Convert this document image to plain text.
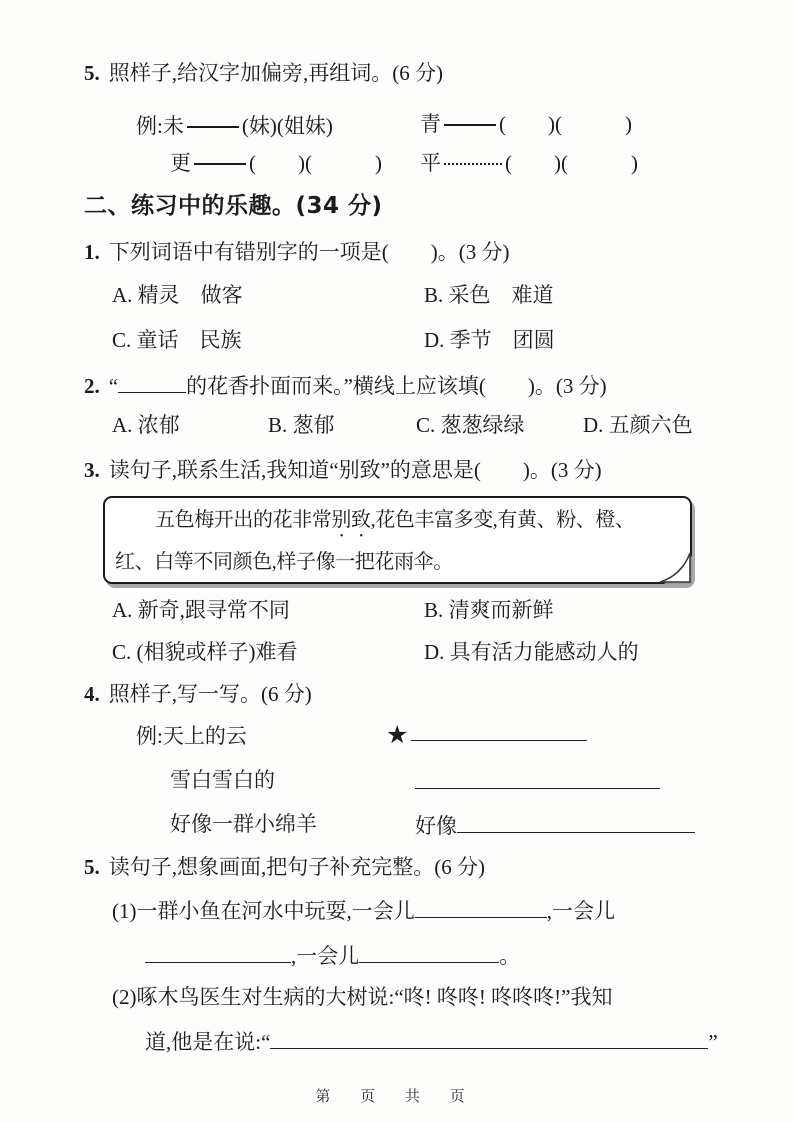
5. 照样子,给汉字加偏旁,再组词。(6 分)
例:未	(妹)(姐妹)	青	(　　)(　　　)
更	(　　)(　　　) 平	(　　)(　　　)
二、练习中的乐趣。(34 分)
1. 下列词语中有错别字的一项是(　　)。(3 分)
A. 精灵　做客	B. 采色　难道
C. 童话　民族	D. 季节　团圆
2. “	的花香扑面而来。”横线上应该填(　　)。(3 分)
A. 浓郁	B. 葱郁	C. 葱葱绿绿	D. 五颜六色
3. 读句子,联系生活,我知道“别致”的意思是(　　)。(3 分)

五色梅开出的花非常别致,花色丰富多变,有黄、粉、橙、

红、白等不同颜色,样子像一把花雨伞。

A. 新奇,跟寻常不同	B. 清爽而新鲜
C. (相貌或样子)难看	D. 具有活力能感动人的
4. 照样子,写一写。(6 分)
例:天上的云	★
雪白雪白的
好像一群小绵羊	好像
5. 读句子,想象画面,把句子补充完整。(6 分)
(1)一群小鱼在河水中玩耍,一会儿	,一会儿
,一会儿	。
(2)啄木鸟医生对生病的大树说:“咚! 咚咚! 咚咚咚!”我知
道,他是在说:“	”
第 页 共 页
